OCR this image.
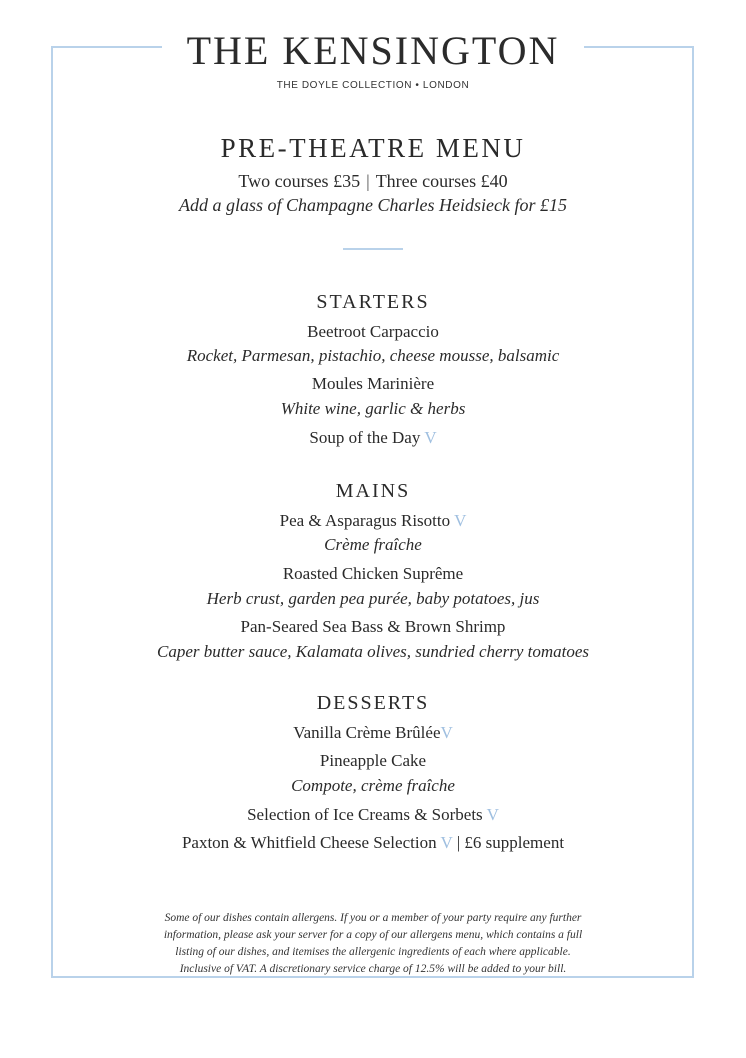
THE KENSINGTON
THE DOYLE COLLECTION • LONDON
PRE-THEATRE MENU
Two courses £35 | Three courses £40
Add a glass of Champagne Charles Heidsieck for £15
STARTERS
Beetroot Carpaccio
Rocket, Parmesan, pistachio, cheese mousse, balsamic
Moules Marinière
White wine, garlic & herbs
Soup of the Day V
MAINS
Pea & Asparagus Risotto V
Crème fraîche
Roasted Chicken Suprême
Herb crust, garden pea purée, baby potatoes, jus
Pan-Seared Sea Bass & Brown Shrimp
Caper butter sauce, Kalamata olives, sundried cherry tomatoes
DESSERTS
Vanilla Crème BrûléeV
Pineapple Cake
Compote, crème fraîche
Selection of Ice Creams & Sorbets V
Paxton & Whitfield Cheese Selection V | £6 supplement
Some of our dishes contain allergens. If you or a member of your party require any further
information, please ask your server for a copy of our allergens menu, which contains a full
listing of our dishes, and itemises the allergenic ingredients of each where applicable.
Inclusive of VAT. A discretionary service charge of 12.5% will be added to your bill.
